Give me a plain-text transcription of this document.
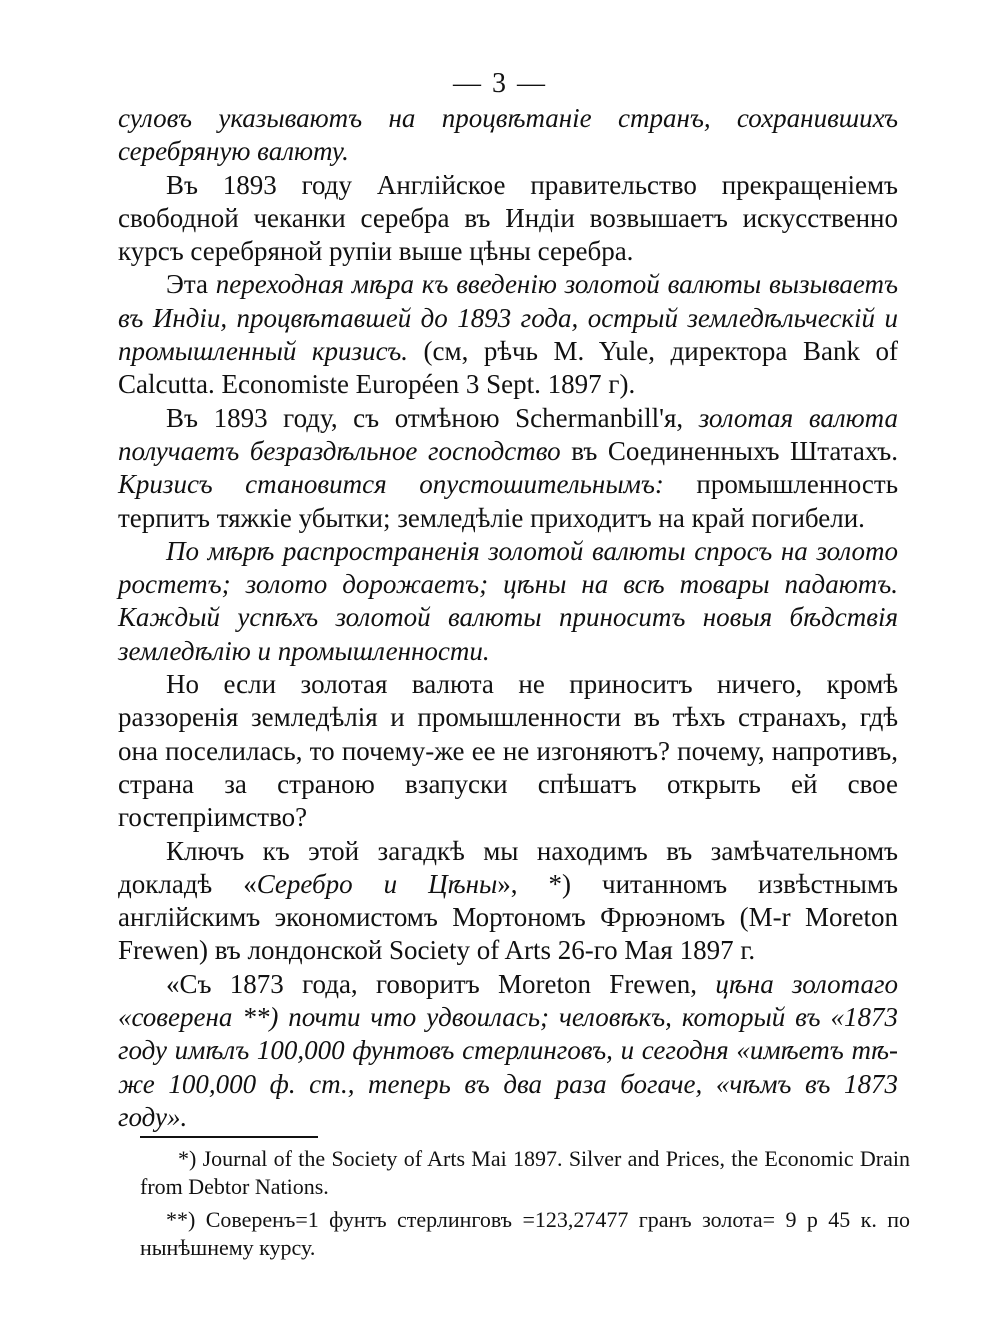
— 3 —

суловъ указываютъ на процвѣтаніе странъ, сохранившихъ серебряную валюту.

Въ 1893 году Англійское правительство прекращеніемъ свободной чеканки серебра въ Индіи возвышаетъ искусственно курсъ серебряной рупіи выше цѣны серебра.

Эта переходная мѣра къ введенію золотой валюты вызываетъ въ Индіи, процвѣтавшей до 1893 года, острый земледѣльческій и промышленный кризисъ. (см, рѣчь M. Yule, директора Bank of Calcutta. Economiste Européen 3 Sept. 1897 г).

Въ 1893 году, съ отмѣною Schermanbill'я, золотая валюта получаетъ безраздѣльное господство въ Соединенныхъ Штатахъ. Кризисъ становится опустошительнымъ: промышленность терпитъ тяжкіе убытки; земледѣліе приходитъ на край погибели.

По мѣрѣ распространенія золотой валюты спросъ на золото ростетъ; золото дорожаетъ; цѣны на всѣ товары падаютъ. Каждый успѣхъ золотой валюты приноситъ новыя бѣдствія земледѣлію и промышленности.

Но если золотая валюта не приноситъ ничего, кромѣ раззоренія земледѣлія и промышленности въ тѣхъ странахъ, гдѣ она поселилась, то почему-же ее не изгоняютъ? почему, напротивъ, страна за страною взапуски спѣшатъ открыть ей свое гостепріимство?

Ключъ къ этой загадкѣ мы находимъ въ замѣчательномъ докладѣ «Серебро и Цѣны», *) читанномъ извѣстнымъ англійскимъ экономистомъ Мортономъ Фрюэномъ (M-r Moreton Frewen) въ лондонской Society of Arts 26-го Мая 1897 г.

«Съ 1873 года, говоритъ Moreton Frewen, цѣна золотаго «соверена **) почти что удвоилась; человѣкъ, который въ «1873 году имѣлъ 100,000 фунтовъ стерлинговъ, и сегодня «имѣетъ тѣ-же 100,000 ф. ст., теперь въ два раза богаче, «чѣмъ въ 1873 году».

*) Journal of the Society of Arts Mai 1897. Silver and Prices, the Economic Drain from Debtor Nations.

**) Соверенъ=1 фунтъ стерлинговъ =123,27477 гранъ золота= 9 р 45 к. по нынѣшнему курсу.
